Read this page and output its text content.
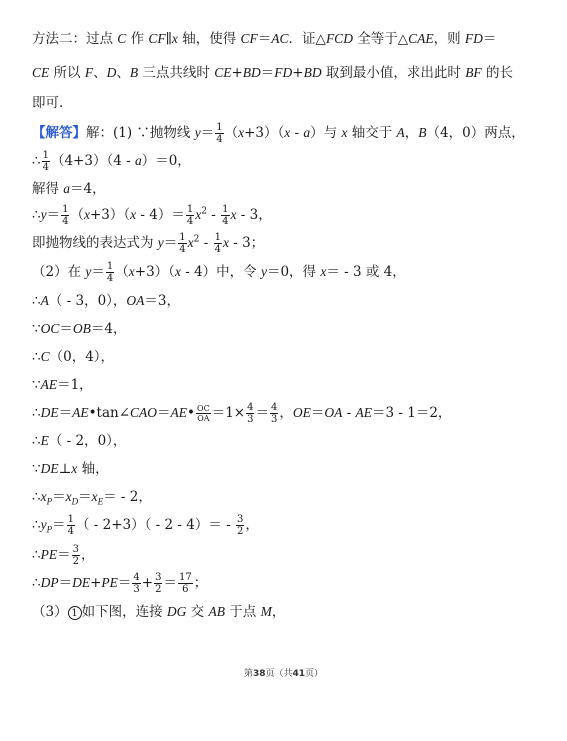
方法二：过点 C 作 CF∥x 轴，使得 CF＝AC．证△FCD 全等于△CAE，则 FD＝
CE 所以 F、D、B 三点共线时 CE+BD＝FD+BD 取到最小值，求出此时 BF 的长
即可．
【解答】解：(1) ∵抛物线 $y= \frac{1}{4} (x+3)(x - a)$与 x 轴交于 A，B（4，0）两点，
∴ $\frac{1}{4} (4+3)(4 - a)=0$，
解得 a＝4，
∴y＝ $\frac{1}{4} (x+3)(x - 4)= \frac{1}{4} x^2 - \frac{1}{4}$ x - 3，
即抛物线的表达式为 $y= \frac{1}{4} x^2 - \frac{1}{4}$ x - 3；
（2）在 $y= \frac{1}{4} (x+3)(x - 4)$中，令 y＝0，得 x＝ - 3 或 4，
∴A（ - 3，0），OA＝3，
∵OC＝OB＝4，
∴C（0，4），
∵AE＝1，
∴DE＝AE•tan∠CAO＝AE• $\frac{OC}{OA} =1\times \frac{4}{3} = \frac{4}{3}$ ，OE＝OA - AE＝3 - 1＝2，
∴E（ - 2，0），
∵DE⊥x 轴，
$\therefore x_P=x_D=x_E= - 2$，
$\therefore y_P= \frac{1}{4}$ （ - $2+3)( - 2 - 4)= - \frac{3}{2}$ ，
∴PE＝ $\frac{3}{2}$ ，
∴DP＝DE+PE＝ $\frac{4}{3} + \frac{3}{2} = \frac{17}{6}$ ；
（3） 1 如下图，连接 DG 交 AB 于点 M，
第38页（共41页）
